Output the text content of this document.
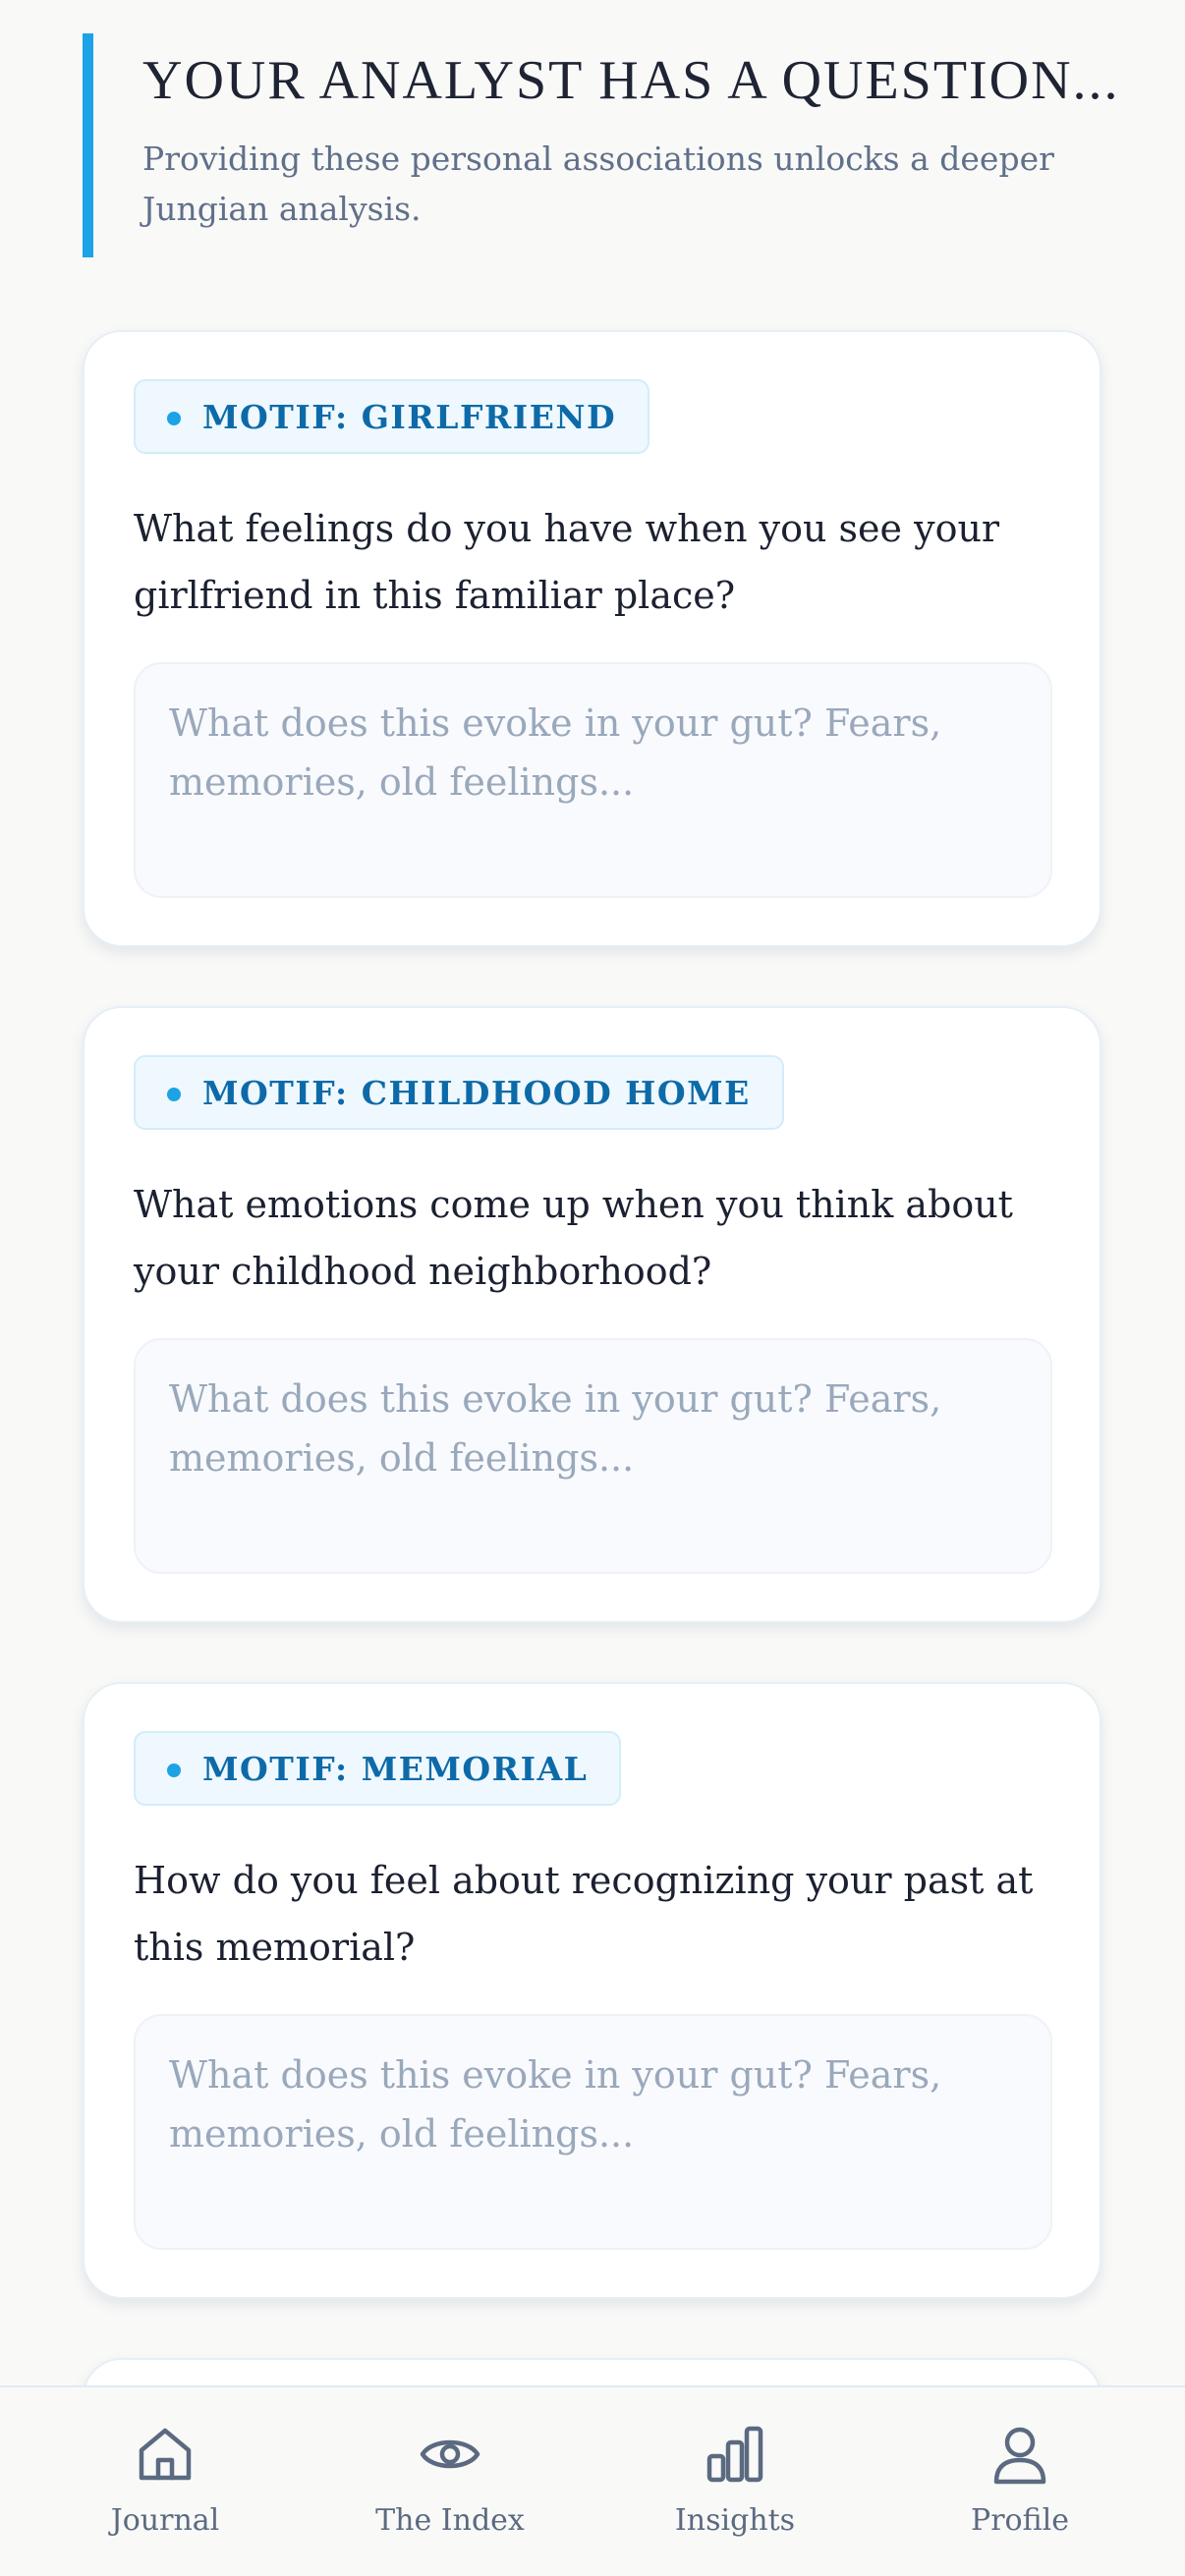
YOUR ANALYST HAS A QUESTION...
Providing these personal associations unlocks a deeper Jungian analysis.
MOTIF: GIRLFRIEND
What feelings do you have when you see your girlfriend in this familiar place?
What does this evoke in your gut? Fears, memories, old feelings...
MOTIF: CHILDHOOD HOME
What emotions come up when you think about your childhood neighborhood?
What does this evoke in your gut? Fears, memories, old feelings...
MOTIF: MEMORIAL
How do you feel about recognizing your past at this memorial?
What does this evoke in your gut? Fears, memories, old feelings...
Journal	The Index	Insights	Profile
